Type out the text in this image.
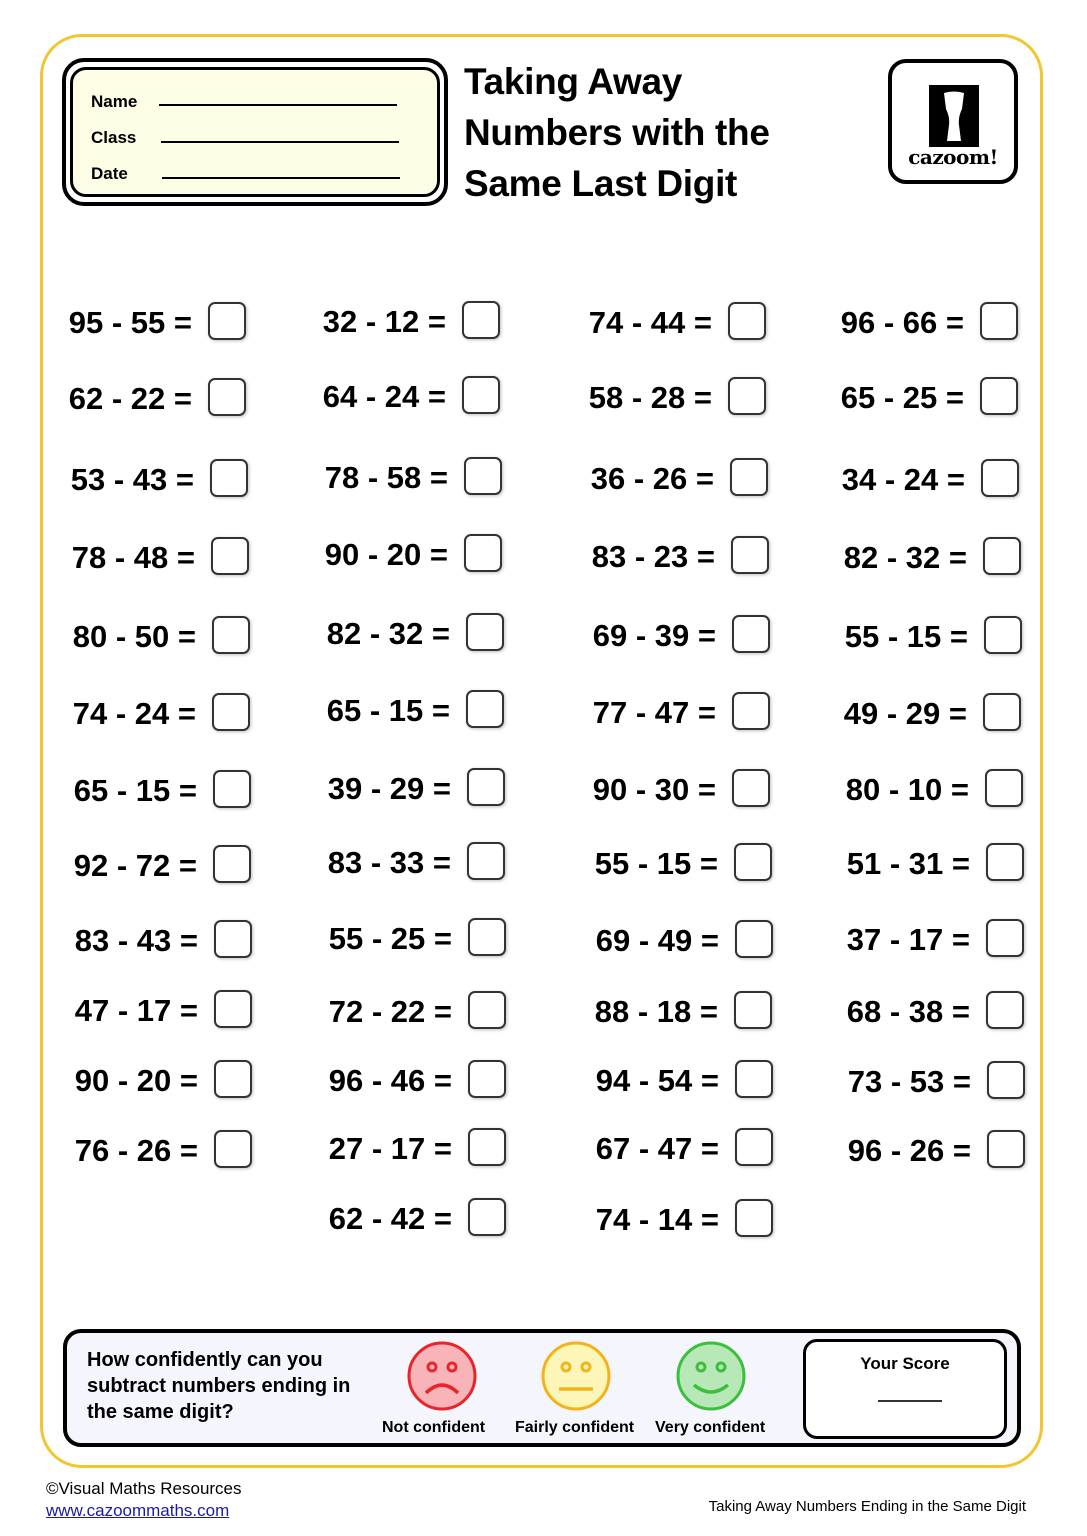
Name
Class
Date
Taking Away
Numbers with the
Same Last Digit
cazoom!
95 - 55 =
62 - 22 =
53 - 43 =
78 - 48 =
80 - 50 =
74 - 24 =
65 - 15 =
92 - 72 =
83 - 43 =
47 - 17 =
90 - 20 =
76 - 26 =
32 - 12 =
64 - 24 =
78 - 58 =
90 - 20 =
82 - 32 =
65 - 15 =
39 - 29 =
83 - 33 =
55 - 25 =
72 - 22 =
96 - 46 =
27 - 17 =
62 - 42 =
74 - 44 =
58 - 28 =
36 - 26 =
83 - 23 =
69 - 39 =
77 - 47 =
90 - 30 =
55 - 15 =
69 - 49 =
88 - 18 =
94 - 54 =
67 - 47 =
74 - 14 =
96 - 66 =
65 - 25 =
34 - 24 =
82 - 32 =
55 - 15 =
49 - 29 =
80 - 10 =
51 - 31 =
37 - 17 =
68 - 38 =
73 - 53 =
96 - 26 =
How confidently can you subtract numbers ending in the same digit?
Not confident Fairly confident Very confident
Your Score
©Visual Maths Resources
www.cazoommaths.com	Taking Away Numbers Ending in the Same Digit
